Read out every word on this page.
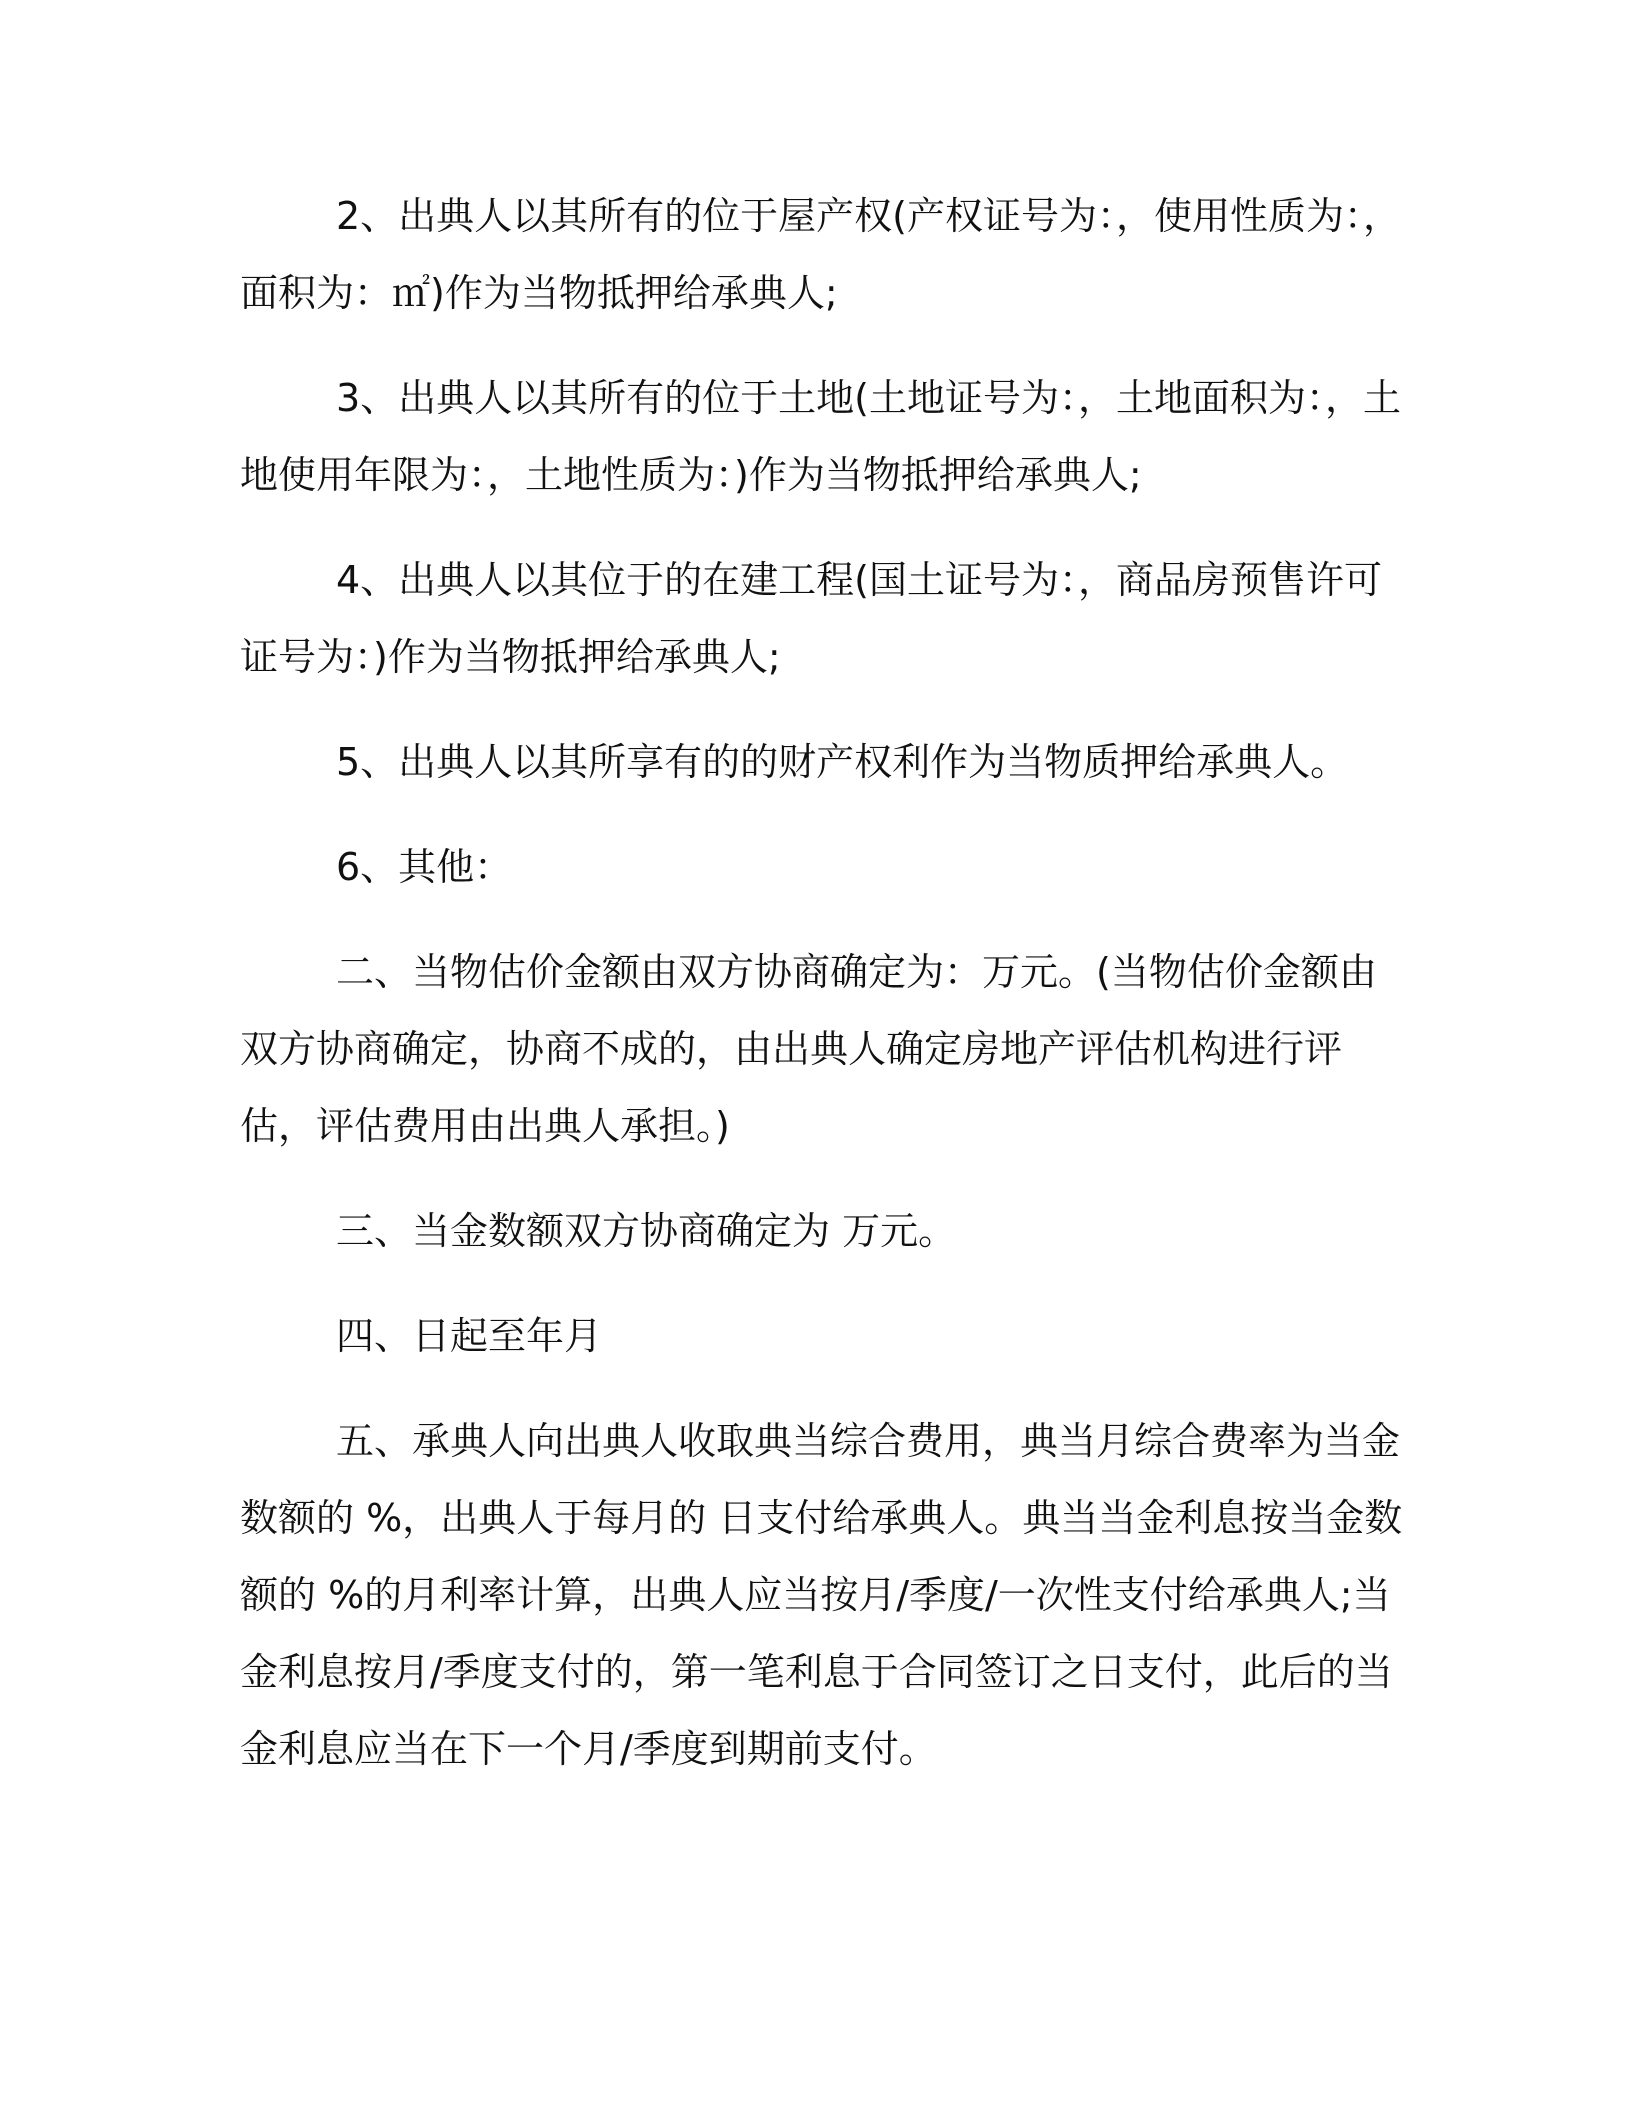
2、出典人以其所有的位于屋产权(产权证号为：，使用性质为：，面积为：㎡)作为当物抵押给承典人;

3、出典人以其所有的位于土地(土地证号为：，土地面积为：，土地使用年限为：，土地性质为：)作为当物抵押给承典人;

4、出典人以其位于的在建工程(国土证号为：，商品房预售许可证号为：)作为当物抵押给承典人;

5、出典人以其所享有的的财产权利作为当物质押给承典人。

6、其他：

二、当物估价金额由双方协商确定为：万元。(当物估价金额由双方协商确定，协商不成的，由出典人确定房地产评估机构进行评估，评估费用由出典人承担。)

三、当金数额双方协商确定为 万元。

四、日起至年月

五、承典人向出典人收取典当综合费用，典当月综合费率为当金数额的 %，出典人于每月的 日支付给承典人。典当当金利息按当金数额的 %的月利率计算，出典人应当按月/季度/一次性支付给承典人;当金利息按月/季度支付的，第一笔利息于合同签订之日支付，此后的当金利息应当在下一个月/季度到期前支付。
